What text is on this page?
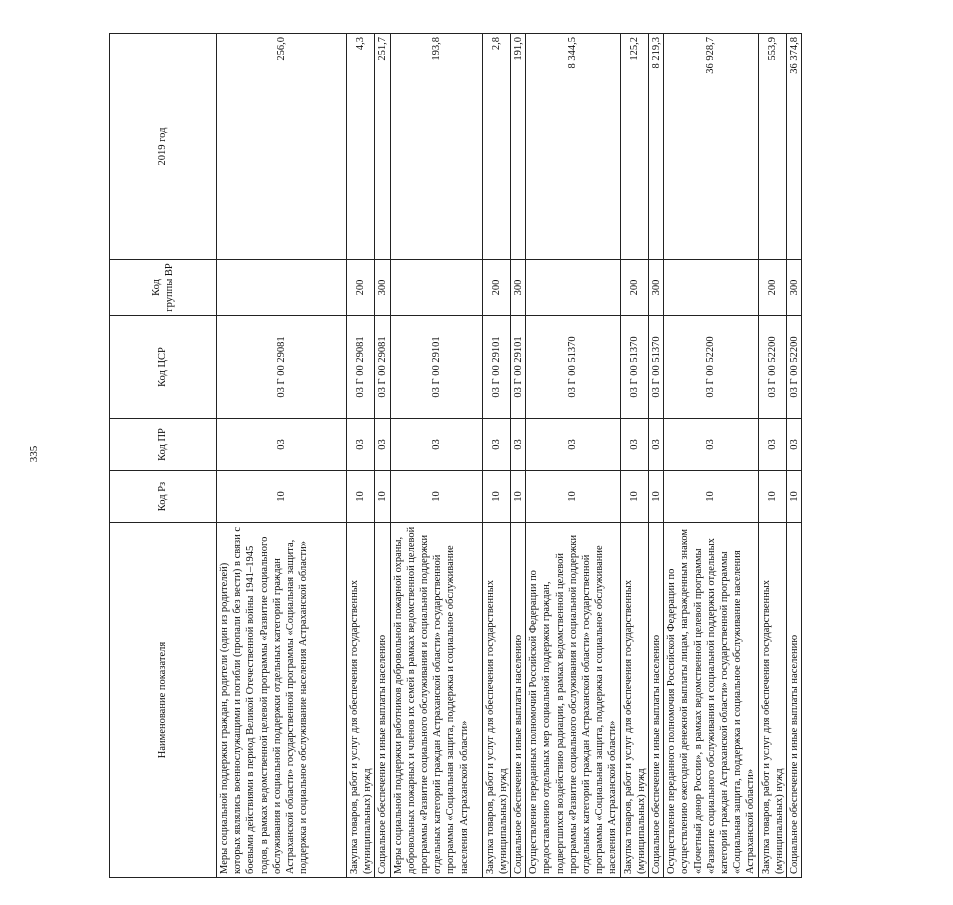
335
Наименование показателя	Код Рз	Код ПР	Код ЦСР	Код группы ВР	2019 год
Меры социальной поддержки граждан, родители (один из родителей) которых являлись военнослужащими и погибли (пропали без вести) в связи с боевыми действиями в период Великой Отечественной войны 1941–1945 годов, в рамках ведомственной целевой программы «Развитие социального обслуживания и социальной поддержки отдельных категорий граждан Астраханской области» государственной программы «Социальная защита, поддержка и социальное обслуживание населения Астраханской области»	10	03	03 Г 00 29081		256,0
Закупка товаров, работ и услуг для обеспечения государственных (муниципальных) нужд	10	03	03 Г 00 29081	200	4,3
Социальное обеспечение и иные выплаты населению	10	03	03 Г 00 29081	300	251,7
Меры социальной поддержки работников добровольной пожарной охраны, добровольных пожарных и членов их семей в рамках ведомственной целевой программы «Развитие социального обслуживания и социальной поддержки отдельных категорий граждан Астраханской области» государственной программы «Социальная защита, поддержка и социальное обслуживание населения Астраханской области»	10	03	03 Г 00 29101		193,8
Закупка товаров, работ и услуг для обеспечения государственных (муниципальных) нужд	10	03	03 Г 00 29101	200	2,8
Социальное обеспечение и иные выплаты населению	10	03	03 Г 00 29101	300	191,0
Осуществление переданных полномочий Российской Федерации по предоставлению отдельных мер социальной поддержки граждан, подвергшихся воздействию радиации, в рамках ведомственной целевой программы «Развитие социального обслуживания и социальной поддержки отдельных категорий граждан Астраханской области» государственной программы «Социальная защита, поддержка и социальное обслуживание населения Астраханской области»	10	03	03 Г 00 51370		8 344,5
Закупка товаров, работ и услуг для обеспечения государственных (муниципальных) нужд	10	03	03 Г 00 51370	200	125,2
Социальное обеспечение и иные выплаты населению	10	03	03 Г 00 51370	300	8 219,3
Осуществление переданного полномочия Российской Федерации по осуществлению ежегодной денежной выплаты лицам, награжденным знаком «Почетный донор России», в рамках ведомственной целевой программы «Развитие социального обслуживания и социальной поддержки отдельных категорий граждан Астраханской области» государственной программы «Социальная защита, поддержка и социальное обслуживание населения Астраханской области»	10	03	03 Г 00 52200		36 928,7
Закупка товаров, работ и услуг для обеспечения государственных (муниципальных) нужд	10	03	03 Г 00 52200	200	553,9
Социальное обеспечение и иные выплаты населению	10	03	03 Г 00 52200	300	36 374,8
